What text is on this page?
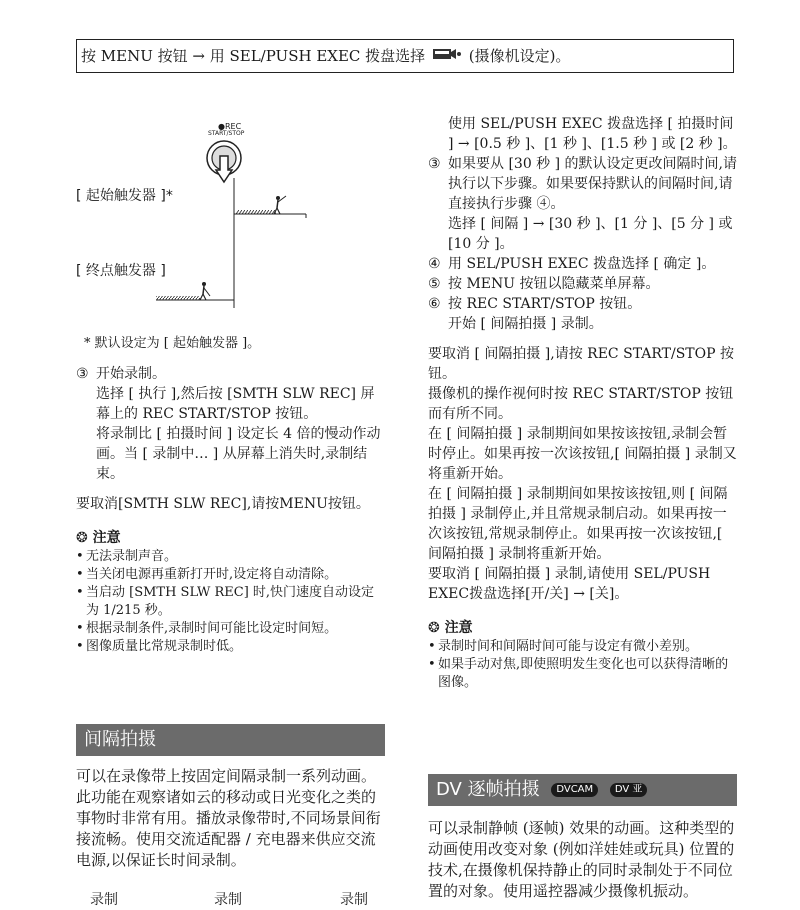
按 MENU 按钮 → 用 SEL/PUSH EXEC 拨盘选择	(摄像机设定)。
●REC
START/STOP
[ 起始触发器 ]*
[ 终点触发器 ]

* 默认设定为 [ 起始触发器 ]。

③ 开始录制。

选择 [ 执行 ],然后按 [SMTH SLW REC] 屏幕上的 REC START/STOP 按钮。

将录制比 [ 拍摄时间 ] 设定长 4 倍的慢动作动画。当 [ 录制中… ] 从屏幕上消失时,录制结束。

要取消[SMTH SLW REC],请按MENU按钮。

❂ 注意

• 无法录制声音。
• 当关闭电源再重新打开时,设定将自动清除。
• 当启动 [SMTH SLW REC] 时,快门速度自动设定为 1/215 秒。
• 根据录制条件,录制时间可能比设定时间短。
• 图像质量比常规录制时低。
间隔拍摄

可以在录像带上按固定间隔录制一系列动画。此功能在观察诸如云的移动或日光变化之类的事物时非常有用。播放录像带时,不同场景间衔接流畅。使用交流适配器 / 充电器来供应交流电源,以保证长时间录制。

录制	录制	录制

使用 SEL/PUSH EXEC 拨盘选择 [ 拍摄时间 ] → [0.5 秒 ]、[1 秒 ]、[1.5 秒 ] 或 [2 秒 ]。

③ 如果要从 [30 秒 ] 的默认设定更改间隔时间,请执行以下步骤。如果要保持默认的间隔时间,请直接执行步骤 ④。

选择 [ 间隔 ] → [30 秒 ]、[1 分 ]、[5 分 ] 或 [10 分 ]。

④ 用 SEL/PUSH EXEC 拨盘选择 [ 确定 ]。
⑤ 按 MENU 按钮以隐藏菜单屏幕。
⑥ 按 REC START/STOP 按钮。

开始 [ 间隔拍摄 ] 录制。

要取消 [ 间隔拍摄 ],请按 REC START/STOP 按钮。

摄像机的操作视何时按 REC START/STOP 按钮而有所不同。

在 [ 间隔拍摄 ] 录制期间如果按该按钮,录制会暂时停止。如果再按一次该按钮,[ 间隔拍摄 ] 录制又将重新开始。

在 [ 间隔拍摄 ] 录制期间如果按该按钮,则 [ 间隔拍摄 ] 录制停止,并且常规录制启动。如果再按一次该按钮,常规录制停止。如果再按一次该按钮,[ 间隔拍摄 ] 录制将重新开始。

要取消 [ 间隔拍摄 ] 录制,请使用 SEL/PUSH EXEC拨盘选择[开/关] → [关]。

❂ 注意

• 录制时间和间隔时间可能与设定有微小差别。
• 如果手动对焦,即使照明发生变化也可以获得清晰的图像。
DV 逐帧拍摄 DVCAM DV 亚

可以录制静帧 (逐帧) 效果的动画。这种类型的动画使用改变对象 (例如洋娃娃或玩具) 位置的技术,在摄像机保持静止的同时录制处于不同位置的对象。使用遥控器减少摄像机振动。
